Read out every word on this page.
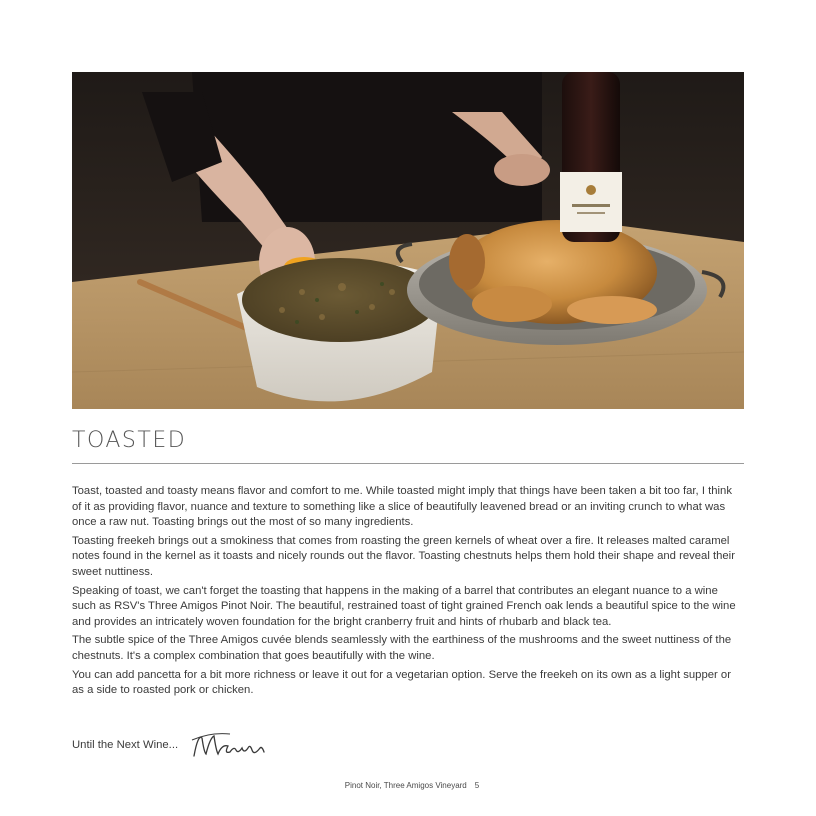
TOASTED

Toast, toasted and toasty means flavor and comfort to me. While toasted might imply that things have been taken a bit too far, I think of it as providing flavor, nuance and texture to something like a slice of beautifully leavened bread or an inviting crunch to what was once a raw nut. Toasting brings out the most of so many ingredients.

Toasting freekeh brings out a smokiness that comes from roasting the green kernels of wheat over a fire. It releases malted caramel notes found in the kernel as it toasts and nicely rounds out the flavor. Toasting chestnuts helps them hold their shape and reveal their sweet nuttiness.

Speaking of toast, we can't forget the toasting that happens in the making of a barrel that contributes an elegant nuance to a wine such as RSV's Three Amigos Pinot Noir. The beautiful, restrained toast of tight grained French oak lends a beautiful spice to the wine and provides an intricately woven foundation for the bright cranberry fruit and hints of rhubarb and black tea.

The subtle spice of the Three Amigos cuvée blends seamlessly with the earthiness of the mushrooms and the sweet nuttiness of the chestnuts. It's a complex combination that goes beautifully with the wine.

You can add pancetta for a bit more richness or leave it out for a vegetarian option. Serve the freekeh on its own as a light supper or as a side to roasted pork or chicken.

Until the Next Wine...
Pinot Noir, Three Amigos Vineyard 5
